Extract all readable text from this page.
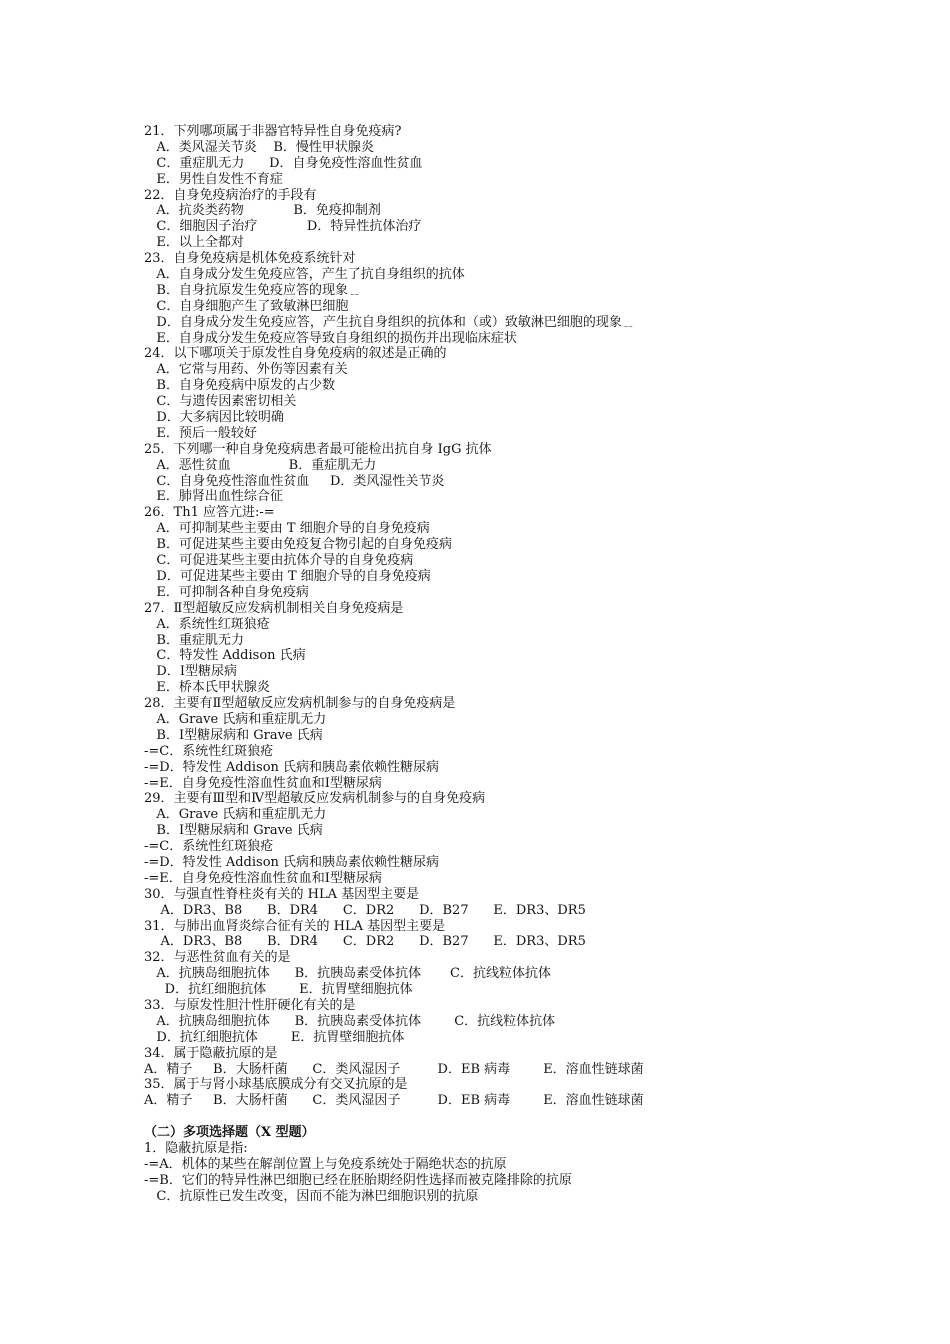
21．下列哪项属于非器官特异性自身免疫病?
A．类风湿关节炎    B．慢性甲状腺炎
C．重症肌无力      D．自身免疫性溶血性贫血
E．男性自发性不育症
22．自身免疫病治疗的手段有
A．抗炎类药物            B．免疫抑制剂
C．细胞因子治疗            D．特异性抗体治疗
E．以上全都对
23．自身免疫病是机体免疫系统针对
A．自身成分发生免疫应答，产生了抗自身组织的抗体
B．自身抗原发生免疫应答的现象﹎
C．自身细胞产生了致敏淋巴细胞
D．自身成分发生免疫应答，产生抗自身组织的抗体和（或）致敏淋巴细胞的现象﹎
E．自身成分发生免疫应答导致自身组织的损伤并出现临床症状
24．以下哪项关于原发性自身免疫病的叙述是正确的
A．它常与用药、外伤等因素有关
B．自身免疫病中原发的占少数
C．与遗传因素密切相关
D．大多病因比较明确
E．预后一般较好
25．下列哪一种自身免疫病患者最可能检出抗自身 IgG 抗体
A．恶性贫血              B．重症肌无力
C．自身免疫性溶血性贫血     D．类风湿性关节炎
E．肺肾出血性综合征
26．Th1 应答亢进:-=
A．可抑制某些主要由 T 细胞介导的自身免疫病
B．可促进某些主要由免疫复合物引起的自身免疫病
C．可促进某些主要由抗体介导的自身免疫病
D．可促进某些主要由 T 细胞介导的自身免疫病
E．可抑制各种自身免疫病
27．Ⅱ型超敏反应发病机制相关自身免疫病是
A．系统性红斑狼疮
B．重症肌无力
C．特发性 Addison 氏病
D．Ⅰ型糖尿病
E．桥本氏甲状腺炎
28．主要有Ⅱ型超敏反应发病机制参与的自身免疫病是
A．Grave 氏病和重症肌无力
B．Ⅰ型糖尿病和 Grave 氏病
-=C．系统性红斑狼疮
-=D．特发性 Addison 氏病和胰岛素依赖性糖尿病
-=E．自身免疫性溶血性贫血和Ⅰ型糖尿病
29．主要有Ⅲ型和Ⅳ型超敏反应发病机制参与的自身免疫病
A．Grave 氏病和重症肌无力
B．Ⅰ型糖尿病和 Grave 氏病
-=C．系统性红斑狼疮
-=D．特发性 Addison 氏病和胰岛素依赖性糖尿病
-=E．自身免疫性溶血性贫血和Ⅰ型糖尿病
30．与强直性脊柱炎有关的 HLA 基因型主要是
A．DR3、B8      B．DR4      C．DR2      D．B27      E．DR3、DR5
31．与肺出血肾炎综合征有关的 HLA 基因型主要是
A．DR3、B8      B．DR4      C．DR2      D．B27      E．DR3、DR5
32．与恶性贫血有关的是
A．抗胰岛细胞抗体      B．抗胰岛素受体抗体       C．抗线粒体抗体
D．抗红细胞抗体        E．抗胃壁细胞抗体
33．与原发性胆汁性肝硬化有关的是
A．抗胰岛细胞抗体      B．抗胰岛素受体抗体        C．抗线粒体抗体
D．抗红细胞抗体        E．抗胃壁细胞抗体
34．属于隐蔽抗原的是
A．精子     B．大肠杆菌      C．类风湿因子         D．EB 病毒        E．溶血性链球菌
35．属于与肾小球基底膜成分有交叉抗原的是
A．精子     B．大肠杆菌      C．类风湿因子         D．EB 病毒        E．溶血性链球菌
（二）多项选择题（X 型题）
1．隐蔽抗原是指:
-=A．机体的某些在解剖位置上与免疫系统处于隔绝状态的抗原
-=B．它们的特异性淋巴细胞已经在胚胎期经阴性选择而被克隆排除的抗原
C．抗原性已发生改变，因而不能为淋巴细胞识别的抗原
